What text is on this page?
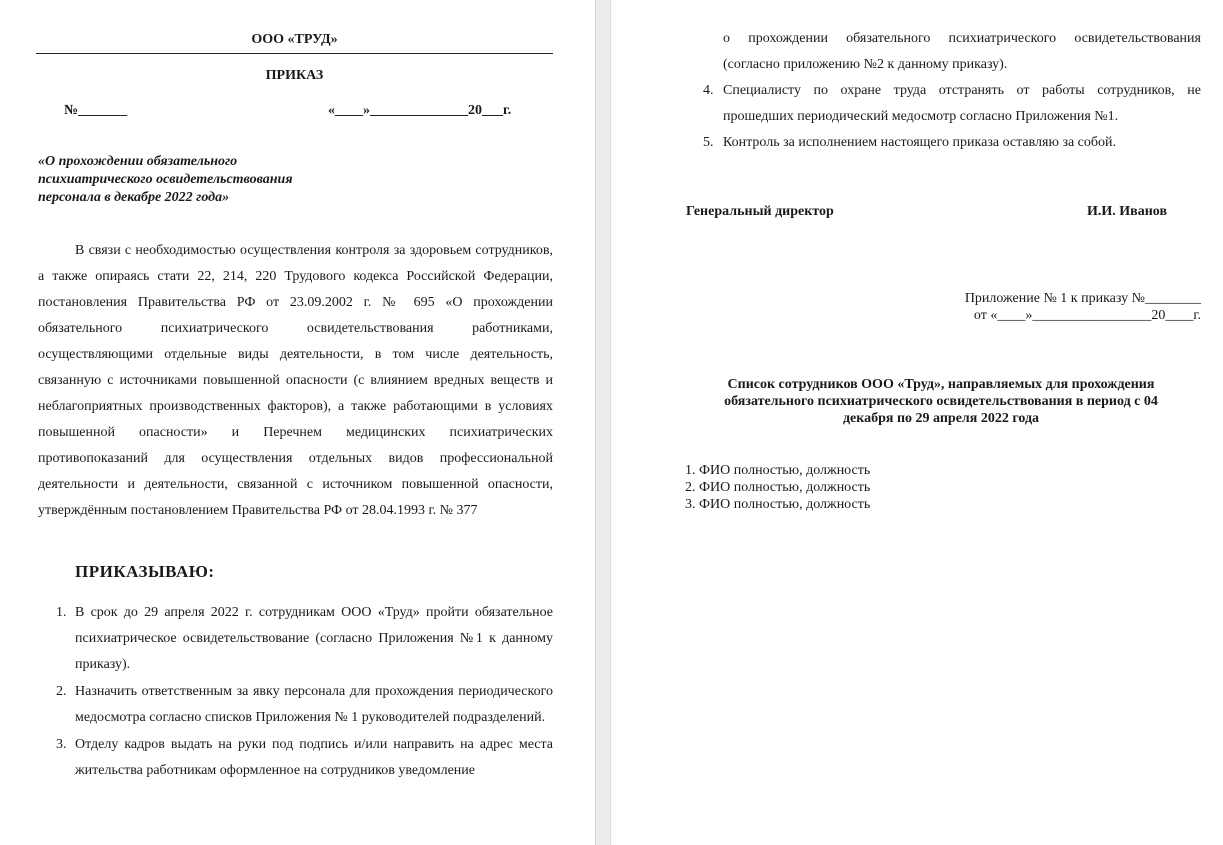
ООО «ТРУД»
ПРИКАЗ
№_______	«____»______________20___г.
«О прохождении обязательного
психиатрического освидетельствования
персонала в декабре 2022 года»

В связи с необходимостью осуществления контроля за здоровьем сотрудников, а также опираясь стати 22, 214, 220 Трудового кодекса Российской Федерации, постановления Правительства РФ от 23.09.2002 г. № 695 «О прохождении обязательного психиатрического освидетельствования работниками, осуществляющими отдельные виды деятельности, в том числе деятельность, связанную с источниками повышенной опасности (с влиянием вредных веществ и неблагоприятных производственных факторов), а также работающими в условиях повышенной опасности» и Перечнем медицинских психиатрических противопоказаний для осуществления отдельных видов профессиональной деятельности и деятельности, связанной с источником повышенной опасности, утверждённым постановлением Правительства РФ от 28.04.1993 г. № 377

ПРИКАЗЫВАЮ:
1. В срок до 29 апреля 2022 г. сотрудникам ООО «Труд» пройти обязательное психиатрическое освидетельствование (согласно Приложения №1 к данному приказу).
2. Назначить ответственным за явку персонала для прохождения периодического медосмотра согласно списков Приложения № 1 руководителей подразделений.
3. Отделу кадров выдать на руки под подпись и/или направить на адрес места жительства работникам оформленное на сотрудников уведомление

о прохождении обязательного психиатрического освидетельствования (согласно приложению №2 к данному приказу).

4. Специалисту по охране труда отстранять от работы сотрудников, не прошедших периодический медосмотр согласно Приложения №1.
5. Контроль за исполнением настоящего приказа оставляю за собой.
Генеральный директор	И.И. Иванов
Приложение № 1 к приказу №________
от «____»_________________20____г.
Список сотрудников ООО «Труд», направляемых для прохождения
обязательного психиатрического освидетельствования в период с 04
декабря по 29 апреля 2022 года
1. ФИО полностью, должность
2. ФИО полностью, должность
3. ФИО полностью, должность
